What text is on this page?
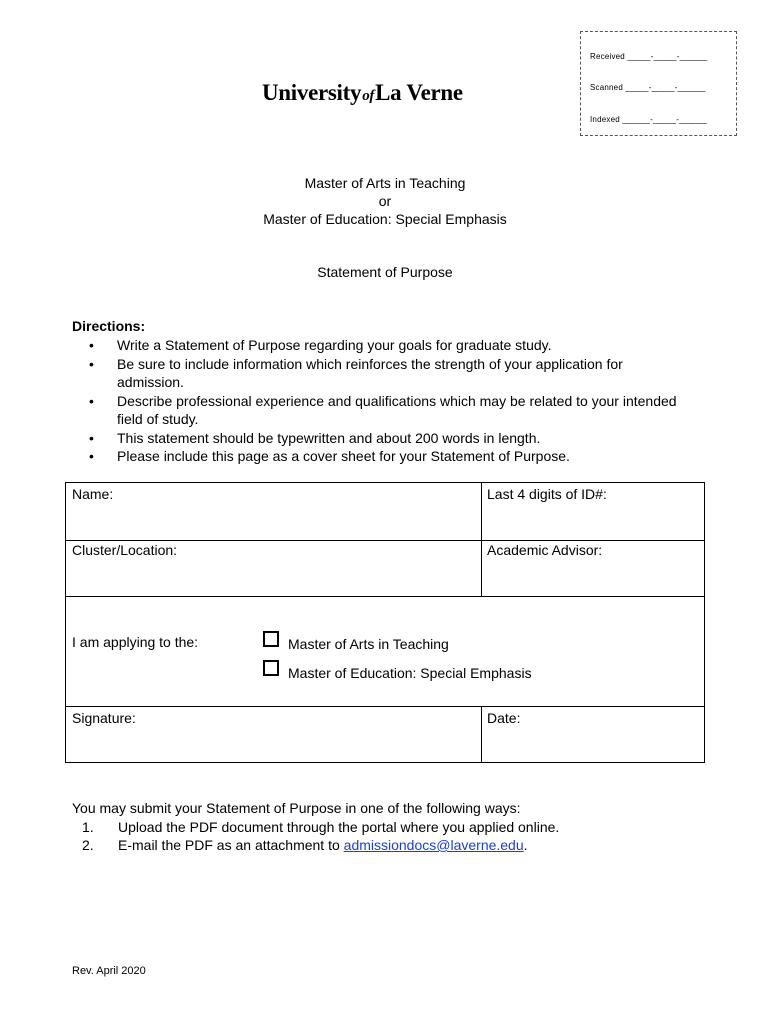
Received _____-_____-______
Scanned _____-_____-______
Indexed ______-_____-______
UniversityofLa Verne
Master of Arts in Teaching
or
Master of Education: Special Emphasis
Statement of Purpose
Directions:
• Write a Statement of Purpose regarding your goals for graduate study.
• Be sure to include information which reinforces the strength of your application for admission.
• Describe professional experience and qualifications which may be related to your intended field of study.
• This statement should be typewritten and about 200 words in length.
• Please include this page as a cover sheet for your Statement of Purpose.
Name:	Last 4 digits of ID#:
Cluster/Location:	Academic Advisor:
I am applying to the:	Master of Arts in Teaching
Master of Education: Special Emphasis
Signature:	Date:
You may submit your Statement of Purpose in one of the following ways:
1. Upload the PDF document through the portal where you applied online.
2. E-mail the PDF as an attachment to admissiondocs@laverne.edu.
Rev. April 2020
